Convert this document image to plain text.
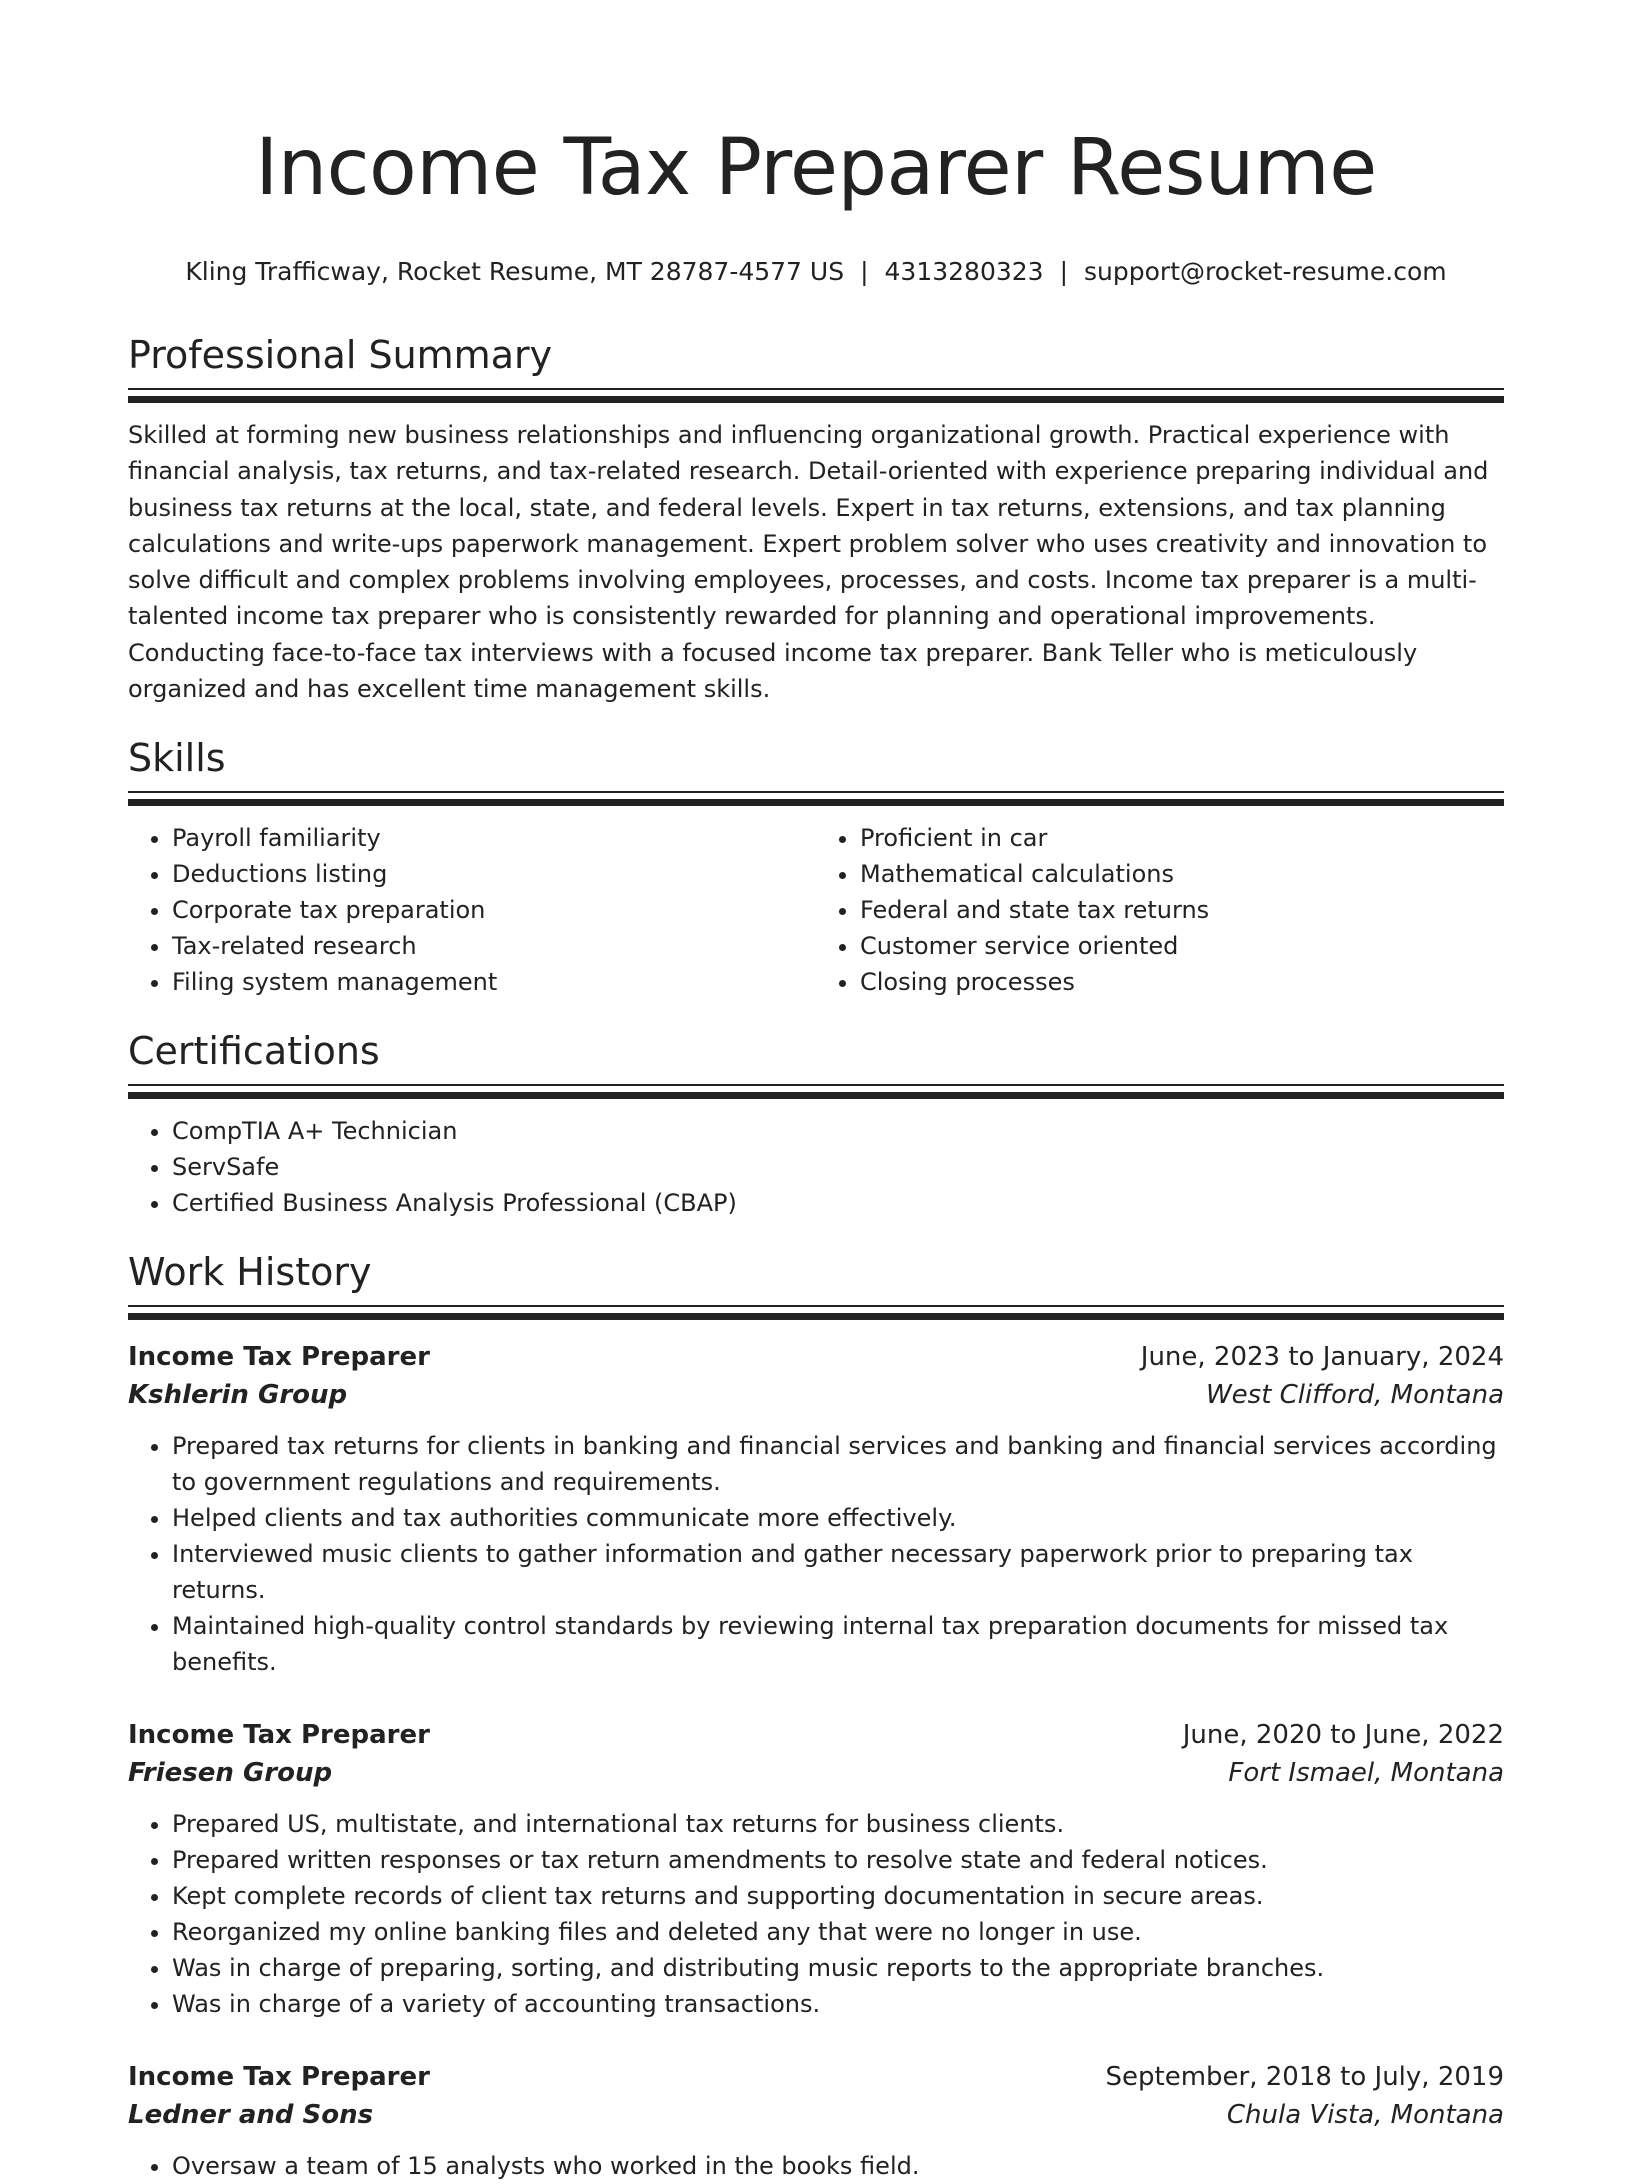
Income Tax Preparer Resume
Kling Trafficway, Rocket Resume, MT 28787-4577 US | 4313280323 | support@rocket-resume.com
Professional Summary

Skilled at forming new business relationships and influencing organizational growth. Practical experience with financial analysis, tax returns, and tax-related research. Detail-oriented with experience preparing individual and business tax returns at the local, state, and federal levels. Expert in tax returns, extensions, and tax planning calculations and write-ups paperwork management. Expert problem solver who uses creativity and innovation to solve difficult and complex problems involving employees, processes, and costs. Income tax preparer is a multi-talented income tax preparer who is consistently rewarded for planning and operational improvements. Conducting face-to-face tax interviews with a focused income tax preparer. Bank Teller who is meticulously organized and has excellent time management skills.

Skills
• Payroll familiarity
• Deductions listing
• Corporate tax preparation
• Tax-related research
• Filing system management
• Proficient in car
• Mathematical calculations
• Federal and state tax returns
• Customer service oriented
• Closing processes
Certifications
• CompTIA A+ Technician
• ServSafe
• Certified Business Analysis Professional (CBAP)
Work History
Income Tax Preparer	June, 2023 to January, 2024
Kshlerin Group	West Clifford, Montana
• Prepared tax returns for clients in banking and financial services and banking and financial services according to government regulations and requirements.
• Helped clients and tax authorities communicate more effectively.
• Interviewed music clients to gather information and gather necessary paperwork prior to preparing tax returns.
• Maintained high-quality control standards by reviewing internal tax preparation documents for missed tax benefits.
Income Tax Preparer	June, 2020 to June, 2022
Friesen Group	Fort Ismael, Montana
• Prepared US, multistate, and international tax returns for business clients.
• Prepared written responses or tax return amendments to resolve state and federal notices.
• Kept complete records of client tax returns and supporting documentation in secure areas.
• Reorganized my online banking files and deleted any that were no longer in use.
• Was in charge of preparing, sorting, and distributing music reports to the appropriate branches.
• Was in charge of a variety of accounting transactions.
Income Tax Preparer	September, 2018 to July, 2019
Ledner and Sons	Chula Vista, Montana
• Oversaw a team of 15 analysts who worked in the books field.
